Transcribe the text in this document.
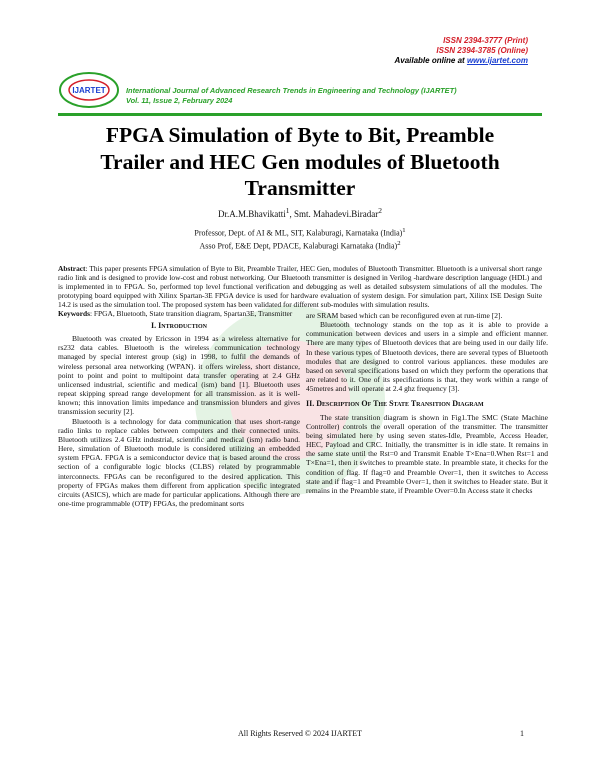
ISSN 2394-3777 (Print)
ISSN 2394-3785 (Online)
Available online at www.ijartet.com
IJARTET	International Journal of Advanced Research Trends in Engineering and Technology (IJARTET)
Vol. 11, Issue 2, February 2024
FPGA Simulation of Byte to Bit, Preamble
Trailer and HEC Gen modules of Bluetooth
Transmitter
Dr.A.M.Bhavikatti$^1$, Smt. Mahadevi.Biradar$^2$
Professor, Dept. of AI & ML, SIT, Kalaburagi, Karnataka (India)$^1$
Asso Prof, E&E Dept, PDACE, Kalaburagi Karnataka (India)$^2$
Abstract: This paper presents FPGA simulation of Byte to Bit, Preamble Trailer, HEC Gen, modules of Bluetooth Transmitter. Bluetooth is a universal short range radio link and is designed to provide low-cost and robust networking. Our Bluetooth transmitter is designed in Verilog -hardware description language (HDL) and is implemented in to FPGA. So, performed top level functional verification and debugging as well as detailed subsystem simulations of all the modules. The prototyping board equipped with Xilinx Spartan-3E FPGA device is used for hardware evaluation of system design. For simulation part, Xilinx ISE Design Suite 14.2 is used as the simulation tool. The proposed system has been validated for different sub-modules with simulation results.
Keywords: FPGA, Bluetooth, State transition diagram, Spartan3E, Transmitter
I. Introduction

Bluetooth was created by Ericsson in 1994 as a wireless alternative for rs232 data cables. Bluetooth is the wireless communication technology managed by special interest group (sig) in 1998, to fulfil the demands of wireless personal area networking (WPAN). it offers wireless, short distance, point to point and point to multipoint data transfer operating at 2.4 GHz unlicensed industrial, scientific and medical (ism) band [1]. Bluetooth uses repeat skipping spread range development for all transmission. as it is well-known; this innovation limits impedance and transmission blunders and gives transmission security [2].

Bluetooth is a technology for data communication that uses short-range radio links to replace cables between computers and their connected units. Bluetooth utilizes 2.4 GHz industrial, scientific and medical (ism) radio band. Here, simulation of Bluetooth module is considered utilizing an embedded system FPGA. FPGA is a semiconductor device that is based around the cross section of a configurable logic blocks (CLBS) related by programmable interconnects. FPGAs can be reconfigured to the desired application. This property of FPGAs makes them different from application specific integrated circuits (ASICS), which are made for particular applications. Although there are one-time programmable (OTP) FPGAs, the predominant sorts

are SRAM based which can be reconfigured even at run-time [2].

Bluetooth technology stands on the top as it is able to provide a communication between devices and users in a simple and efficient manner. There are many types of Bluetooth devices that are being used in our daily life. In these various types of Bluetooth devices, there are several types of Bluetooth modules that are designed to control various appliances. these modules are based on several specifications based on which they perform the operations that are related to it. One of its specifications is that, they work within a range of 45metres and will operate at 2.4 ghz frequency [3].

II. Description Of The State Transition Diagram

The state transition diagram is shown in Fig1.The SMC (State Machine Controller) controls the overall operation of the transmitter. The transmitter being simulated here by using seven states-Idle, Preamble, Access Header, HEC, Payload and CRC. Initially, the transmitter is in idle state. It remains in the same state until the Rst=0 and Transmit Enable T×Ena=0.When Rst=1 and T×Ena=1, then it switches to preamble state. In preamble state, it checks for the condition of flag. If flag=0 and Preamble Over=1, then it switches to Access state and if flag=1 and Preamble Over=1, then it switches to Header state. But it remains in the Preamble state, if Preamble Over=0.In Access state it checks

All Rights Reserved © 2024 IJARTET	1
